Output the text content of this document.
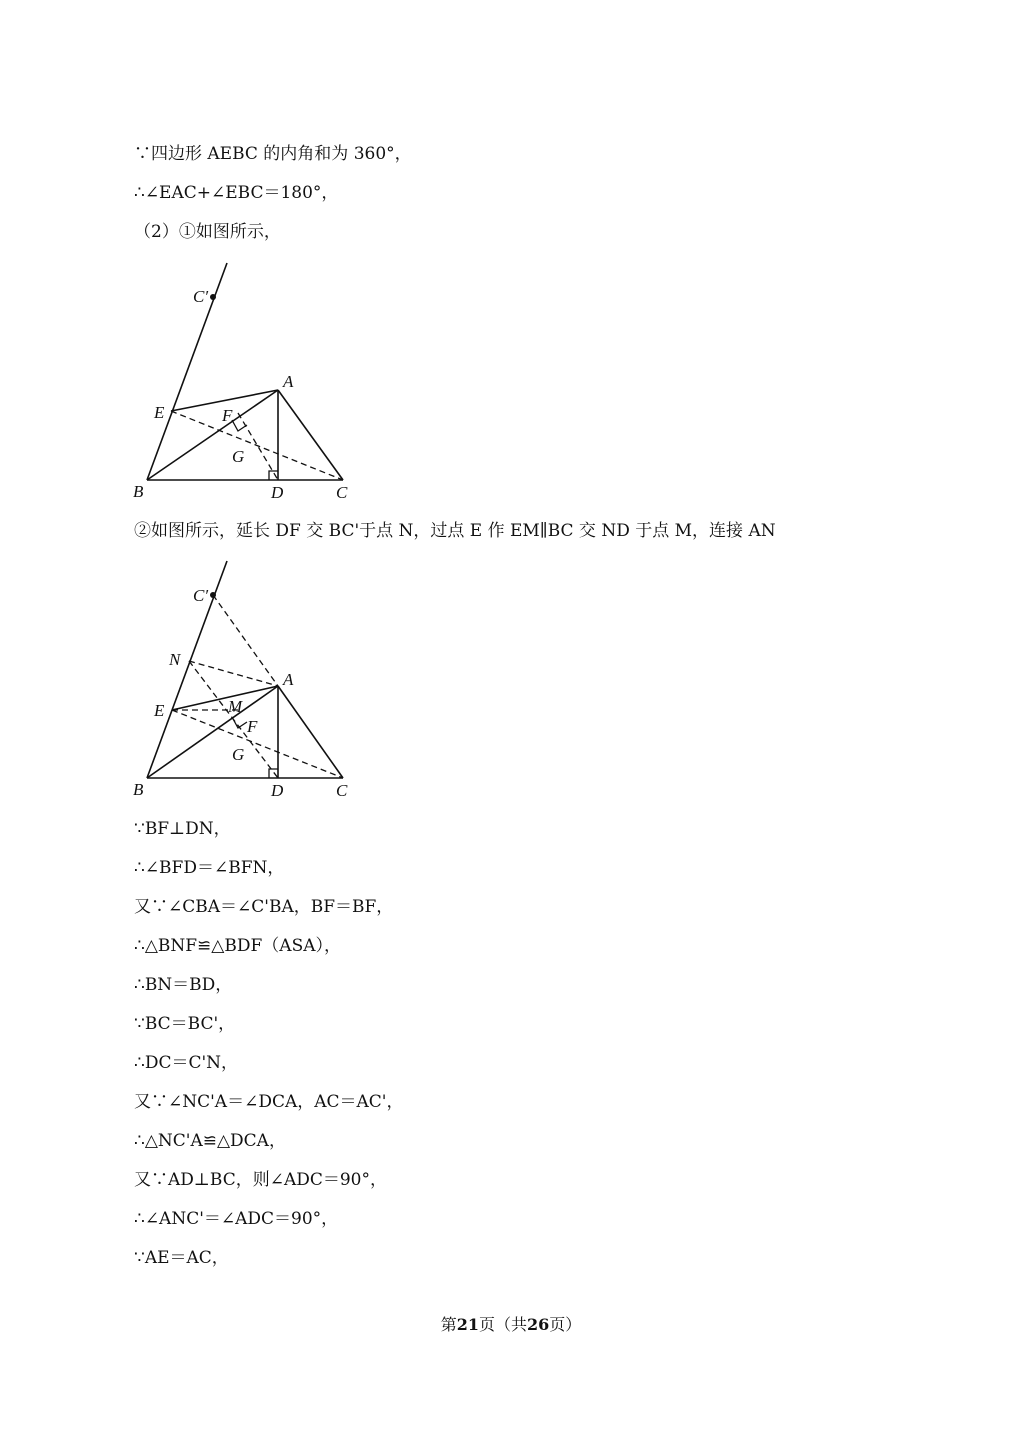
∵四边形 AEBC 的内角和为 360°，
∴∠EAC+∠EBC＝180°，
（2）①如图所示，
C′
A
E	F
G
B	D	C
②如图所示，延长 DF 交 BC'于点 N，过点 E 作 EM∥BC 交 ND 于点 M，连接 AN
C′
N
A
E	M
F
G
B	D	C
∵BF⊥DN，
∴∠BFD＝∠BFN，
又∵∠CBA＝∠C'BA，BF＝BF，
∴△BNF≌△BDF（ASA），
∴BN＝BD，
∵BC＝BC'，
∴DC＝C'N，
又∵∠NC'A＝∠DCA，AC＝AC'，
∴△NC'A≌△DCA，
又∵AD⊥BC，则∠ADC＝90°，
∴∠ANC'＝∠ADC＝90°，
∵AE＝AC，
第21页（共26页）
